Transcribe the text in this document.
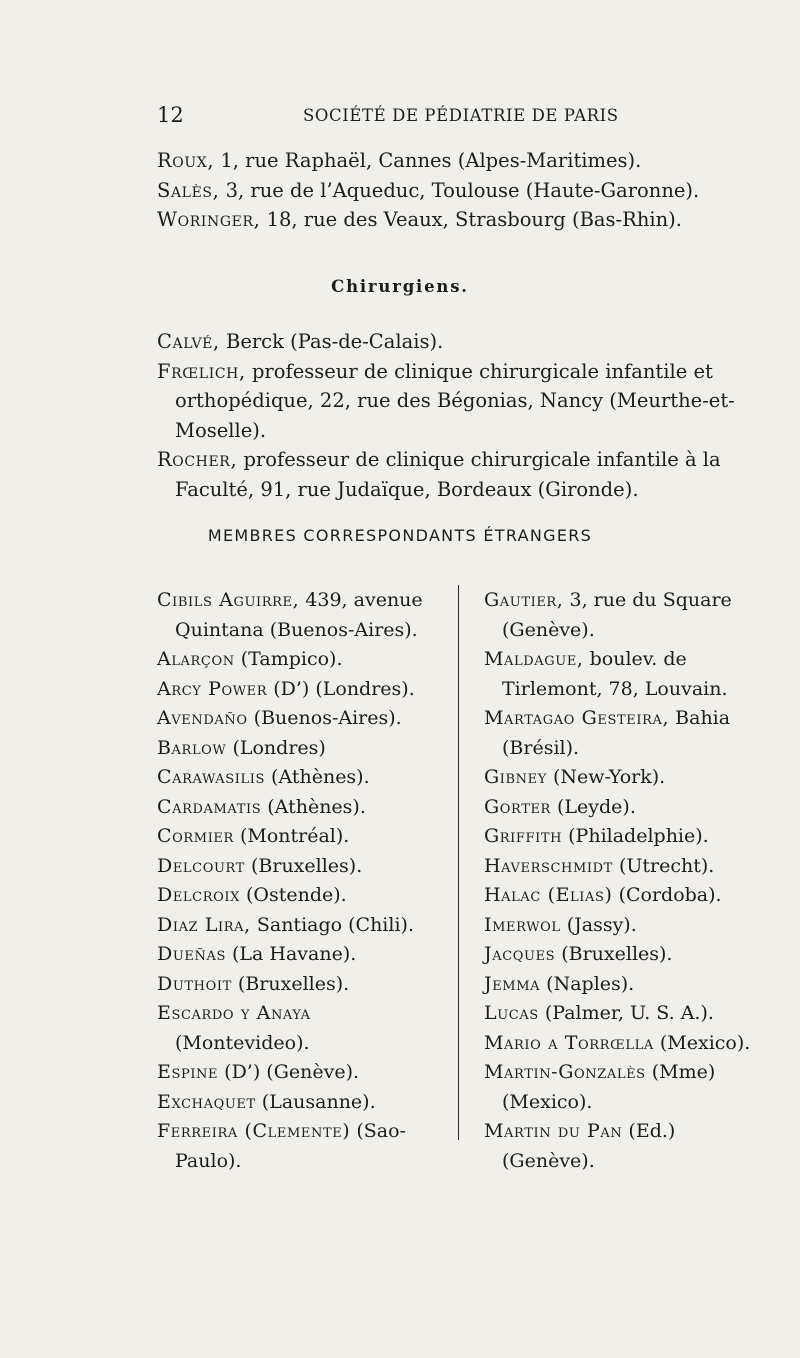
12	SOCIÉTÉ DE PÉDIATRIE DE PARIS

Roux, 1, rue Raphaël, Cannes (Alpes-Maritimes).

Salès, 3, rue de l’Aqueduc, Toulouse (Haute-Garonne).

Woringer, 18, rue des Veaux, Strasbourg (Bas-Rhin).

Chirurgiens.

Calvé, Berck (Pas-de-Calais).

Frœlich, professeur de clinique chirurgicale infantile et orthopédique, 22, rue des Bégonias, Nancy (Meurthe-et-Moselle).

Rocher, professeur de clinique chirurgicale infantile à la Faculté, 91, rue Judaïque, Bordeaux (Gironde).

MEMBRES CORRESPONDANTS ÉTRANGERS

Cibils Aguirre, 439, avenue Quintana (Buenos-Aires).

Alarçon (Tampico).

Arcy Power (D’) (Londres).

Avendaño (Buenos-Aires).

Barlow (Londres)

Carawasilis (Athènes).

Cardamatis (Athènes).

Cormier (Montréal).

Delcourt (Bruxelles).

Delcroix (Ostende).

Diaz Lira, Santiago (Chili).

Dueñas (La Havane).

Duthoit (Bruxelles).

Escardo y Anaya (Montevideo).

Espine (D’) (Genève).

Exchaquet (Lausanne).

Ferreira (Clemente) (Sao-Paulo).

Gautier, 3, rue du Square (Genève).

Maldague, boulev. de Tirlemont, 78, Louvain.

Martagao Gesteira, Bahia (Brésil).

Gibney (New-York).

Gorter (Leyde).

Griffith (Philadelphie).

Haverschmidt (Utrecht).

Halac (Elias) (Cordoba).

Imerwol (Jassy).

Jacques (Bruxelles).

Jemma (Naples).

Lucas (Palmer, U. S. A.).

Mario a Torrœlla (Mexico).

Martin-Gonzalès (Mme) (Mexico).

Martin du Pan (Ed.) (Genève).
